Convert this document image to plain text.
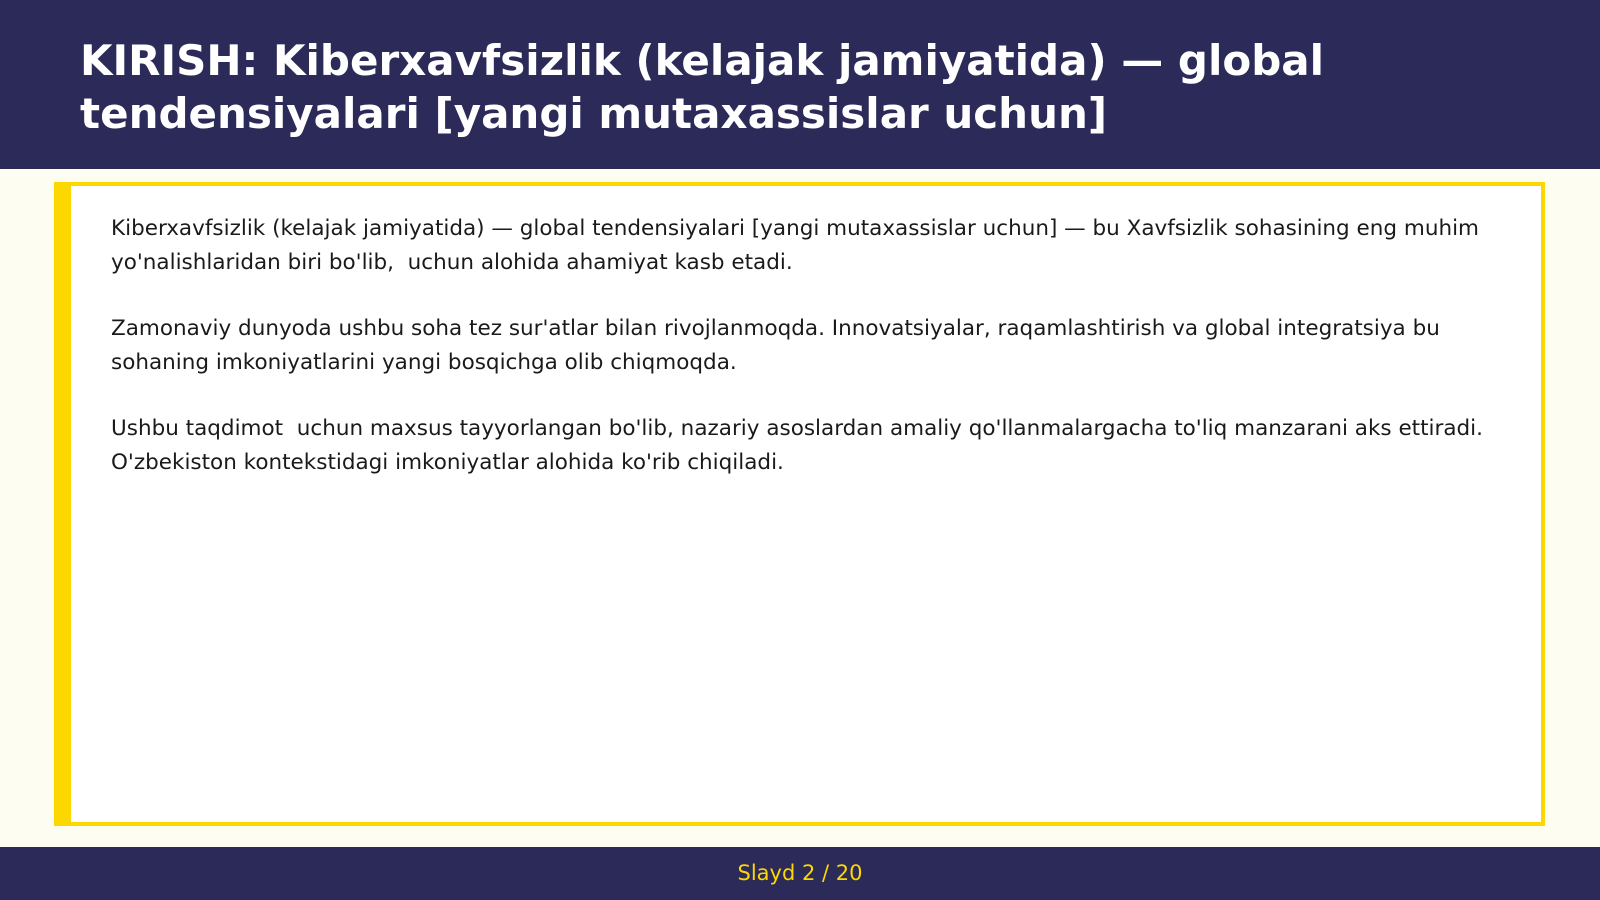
KIRISH: Kiberxavfsizlik (kelajak jamiyatida) — global
tendensiyalari [yangi mutaxassislar uchun]

Kiberxavfsizlik (kelajak jamiyatida) — global tendensiyalari [yangi mutaxassislar uchun] — bu Xavfsizlik sohasining eng muhim yo'nalishlaridan biri bo'lib,  uchun alohida ahamiyat kasb etadi.

Zamonaviy dunyoda ushbu soha tez sur'atlar bilan rivojlanmoqda. Innovatsiyalar, raqamlashtirish va global integratsiya bu sohaning imkoniyatlarini yangi bosqichga olib chiqmoqda.

Ushbu taqdimot  uchun maxsus tayyorlangan bo'lib, nazariy asoslardan amaliy qo'llanmalargacha to'liq manzarani aks ettiradi. O'zbekiston kontekstidagi imkoniyatlar alohida ko'rib chiqiladi.

Slayd 2 / 20
